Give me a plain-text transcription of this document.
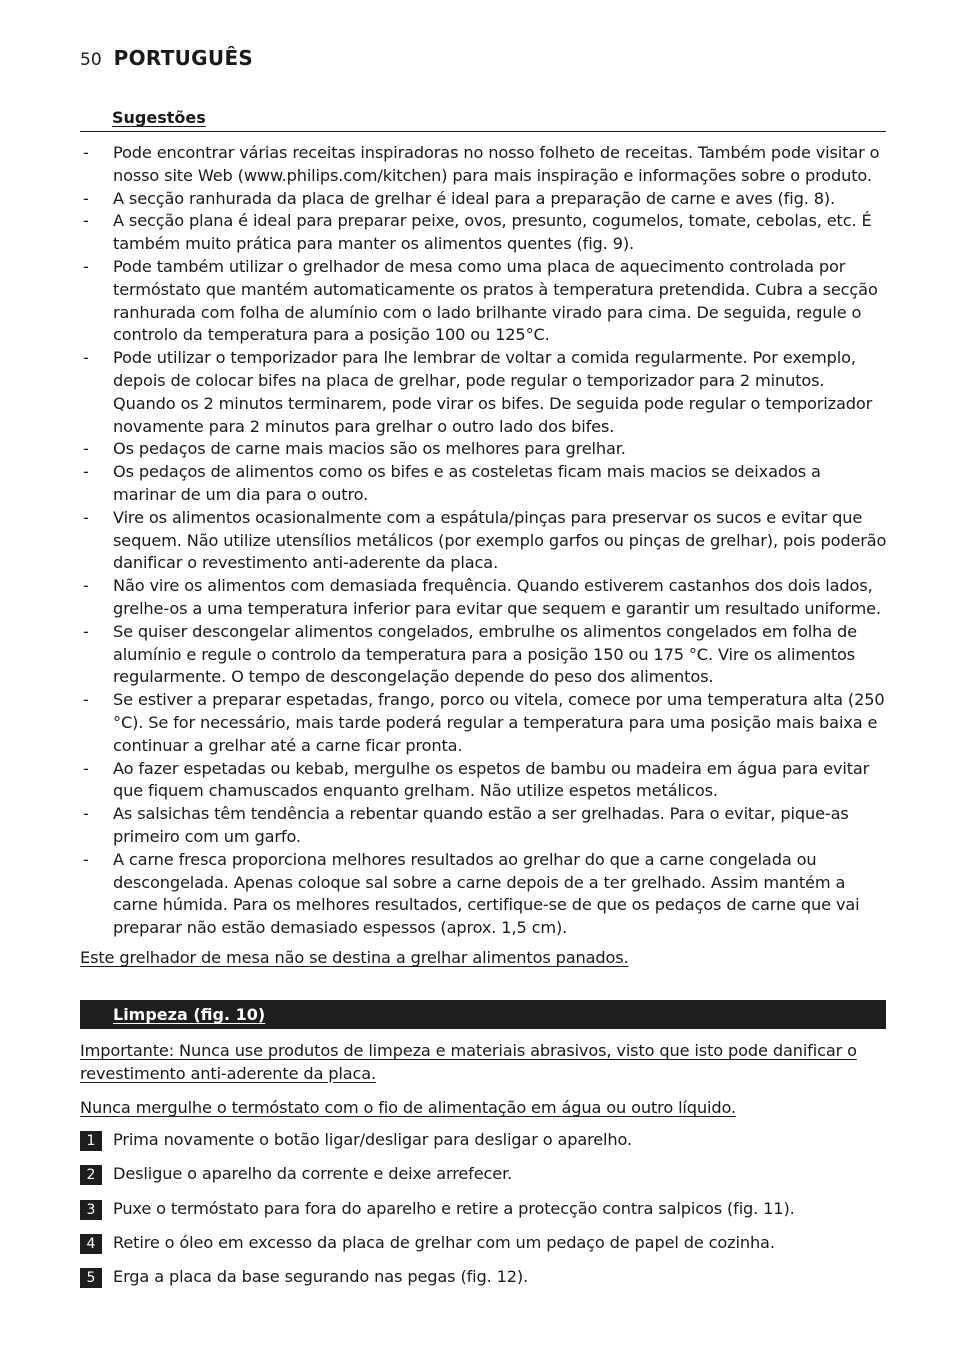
50 PORTUGUÊS
Sugestões
- Pode encontrar várias receitas inspiradoras no nosso folheto de receitas. Também pode visitar o nosso site Web (www.philips.com/kitchen) para mais inspiração e informações sobre o produto.
- A secção ranhurada da placa de grelhar é ideal para a preparação de carne e aves (fig. 8).
- A secção plana é ideal para preparar peixe, ovos, presunto, cogumelos, tomate, cebolas, etc. É também muito prática para manter os alimentos quentes (fig. 9).
- Pode também utilizar o grelhador de mesa como uma placa de aquecimento controlada por termóstato que mantém automaticamente os pratos à temperatura pretendida. Cubra a secção ranhurada com folha de alumínio com o lado brilhante virado para cima. De seguida, regule o controlo da temperatura para a posição 100 ou 125°C.
- Pode utilizar o temporizador para lhe lembrar de voltar a comida regularmente. Por exemplo, depois de colocar bifes na placa de grelhar, pode regular o temporizador para 2 minutos. Quando os 2 minutos terminarem, pode virar os bifes. De seguida pode regular o temporizador novamente para 2 minutos para grelhar o outro lado dos bifes.
- Os pedaços de carne mais macios são os melhores para grelhar.
- Os pedaços de alimentos como os bifes e as costeletas ficam mais macios se deixados a marinar de um dia para o outro.
- Vire os alimentos ocasionalmente com a espátula/pinças para preservar os sucos e evitar que sequem. Não utilize utensílios metálicos (por exemplo garfos ou pinças de grelhar), pois poderão danificar o revestimento anti-aderente da placa.
- Não vire os alimentos com demasiada frequência. Quando estiverem castanhos dos dois lados, grelhe-os a uma temperatura inferior para evitar que sequem e garantir um resultado uniforme.
- Se quiser descongelar alimentos congelados, embrulhe os alimentos congelados em folha de alumínio e regule o controlo da temperatura para a posição 150 ou 175 °C. Vire os alimentos regularmente. O tempo de descongelação depende do peso dos alimentos.
- Se estiver a preparar espetadas, frango, porco ou vitela, comece por uma temperatura alta (250 °C). Se for necessário, mais tarde poderá regular a temperatura para uma posição mais baixa e continuar a grelhar até a carne ficar pronta.
- Ao fazer espetadas ou kebab, mergulhe os espetos de bambu ou madeira em água para evitar que fiquem chamuscados enquanto grelham. Não utilize espetos metálicos.
- As salsichas têm tendência a rebentar quando estão a ser grelhadas. Para o evitar, pique-as primeiro com um garfo.
- A carne fresca proporciona melhores resultados ao grelhar do que a carne congelada ou descongelada. Apenas coloque sal sobre a carne depois de a ter grelhado. Assim mantém a carne húmida. Para os melhores resultados, certifique-se de que os pedaços de carne que vai preparar não estão demasiado espessos (aprox. 1,5 cm).
Este grelhador de mesa não se destina a grelhar alimentos panados.
Limpeza (fig. 10)
Importante: Nunca use produtos de limpeza e materiais abrasivos, visto que isto pode danificar o revestimento anti-aderente da placa.
Nunca mergulhe o termóstato com o fio de alimentação em água ou outro líquido.
1	Prima novamente o botão ligar/desligar para desligar o aparelho.
2	Desligue o aparelho da corrente e deixe arrefecer.
3	Puxe o termóstato para fora do aparelho e retire a protecção contra salpicos (fig. 11).
4	Retire o óleo em excesso da placa de grelhar com um pedaço de papel de cozinha.
5	Erga a placa da base segurando nas pegas (fig. 12).
